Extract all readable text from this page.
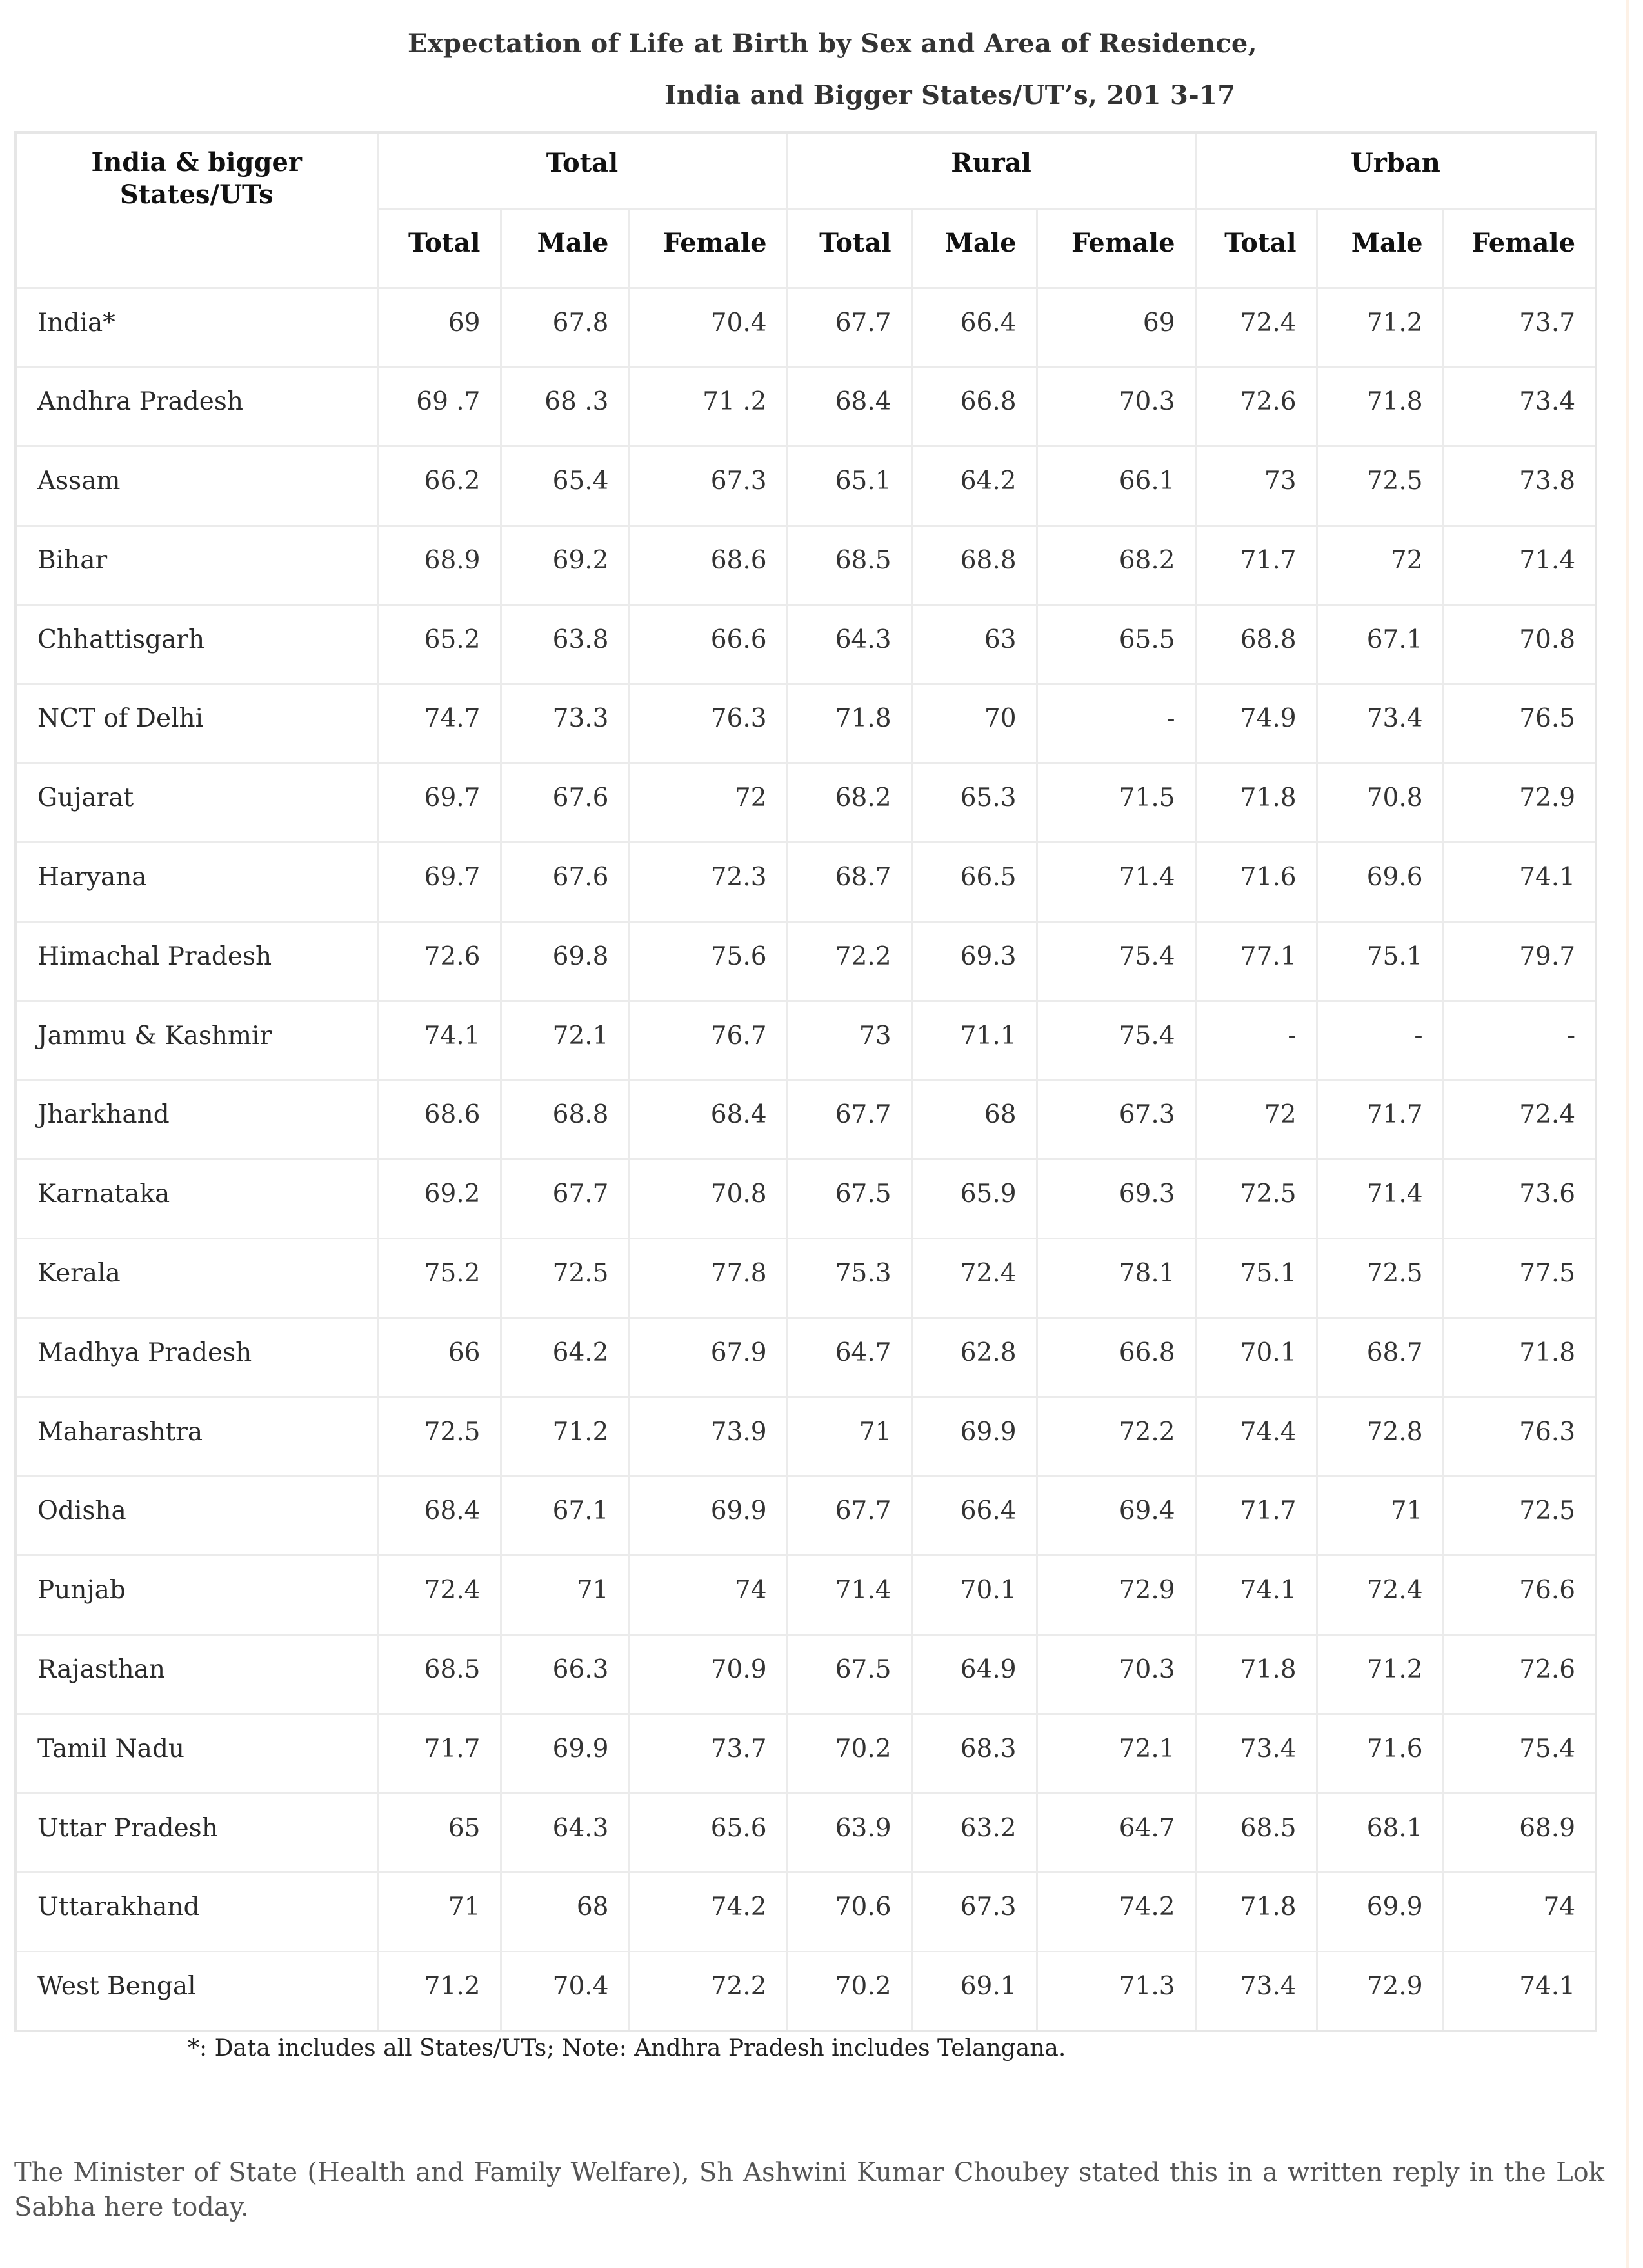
Expectation of Life at Birth by Sex and Area of Residence,
India and Bigger States/UT’s, 201 3-17
India & bigger States/UTs	Total			Rural			Urban		
	Total	Male	Female	Total	Male	Female	Total	Male	Female
India*	69	67.8	70.4	67.7	66.4	69	72.4	71.2	73.7
Andhra Pradesh	69 .7	68 .3	71 .2	68.4	66.8	70.3	72.6	71.8	73.4
Assam	66.2	65.4	67.3	65.1	64.2	66.1	73	72.5	73.8
Bihar	68.9	69.2	68.6	68.5	68.8	68.2	71.7	72	71.4
Chhattisgarh	65.2	63.8	66.6	64.3	63	65.5	68.8	67.1	70.8
NCT of Delhi	74.7	73.3	76.3	71.8	70	-	74.9	73.4	76.5
Gujarat	69.7	67.6	72	68.2	65.3	71.5	71.8	70.8	72.9
Haryana	69.7	67.6	72.3	68.7	66.5	71.4	71.6	69.6	74.1
Himachal Pradesh	72.6	69.8	75.6	72.2	69.3	75.4	77.1	75.1	79.7
Jammu & Kashmir	74.1	72.1	76.7	73	71.1	75.4	-	-	-
Jharkhand	68.6	68.8	68.4	67.7	68	67.3	72	71.7	72.4
Karnataka	69.2	67.7	70.8	67.5	65.9	69.3	72.5	71.4	73.6
Kerala	75.2	72.5	77.8	75.3	72.4	78.1	75.1	72.5	77.5
Madhya Pradesh	66	64.2	67.9	64.7	62.8	66.8	70.1	68.7	71.8
Maharashtra	72.5	71.2	73.9	71	69.9	72.2	74.4	72.8	76.3
Odisha	68.4	67.1	69.9	67.7	66.4	69.4	71.7	71	72.5
Punjab	72.4	71	74	71.4	70.1	72.9	74.1	72.4	76.6
Rajasthan	68.5	66.3	70.9	67.5	64.9	70.3	71.8	71.2	72.6
Tamil Nadu	71.7	69.9	73.7	70.2	68.3	72.1	73.4	71.6	75.4
Uttar Pradesh	65	64.3	65.6	63.9	63.2	64.7	68.5	68.1	68.9
Uttarakhand	71	68	74.2	70.6	67.3	74.2	71.8	69.9	74
West Bengal	71.2	70.4	72.2	70.2	69.1	71.3	73.4	72.9	74.1
*: Data includes all States/UTs; Note: Andhra Pradesh includes Telangana.

The Minister of State (Health and Family Welfare), Sh Ashwini Kumar Choubey stated this in a written reply in the Lok Sabha here today.
